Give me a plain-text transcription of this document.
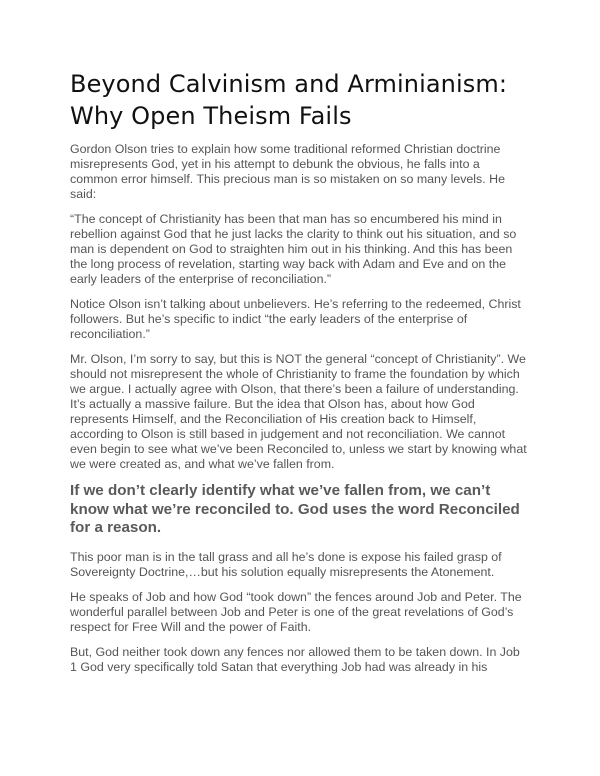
Beyond Calvinism and Arminianism: Why Open Theism Fails

Gordon Olson tries to explain how some traditional reformed Christian doctrine misrepresents God, yet in his attempt to debunk the obvious, he falls into a common error himself. This precious man is so mistaken on so many levels. He said:

“The concept of Christianity has been that man has so encumbered his mind in rebellion against God that he just lacks the clarity to think out his situation, and so man is dependent on God to straighten him out in his thinking. And this has been the long process of revelation, starting way back with Adam and Eve and on the early leaders of the enterprise of reconciliation.”

Notice Olson isn’t talking about unbelievers. He’s referring to the redeemed, Christ followers. But he’s specific to indict “the early leaders of the enterprise of reconciliation.”

Mr. Olson, I’m sorry to say, but this is NOT the general “concept of Christianity”. We should not misrepresent the whole of Christianity to frame the foundation by which we argue. I actually agree with Olson, that there’s been a failure of understanding. It’s actually a massive failure. But the idea that Olson has, about how God represents Himself, and the Reconciliation of His creation back to Himself, according to Olson is still based in judgement and not reconciliation. We cannot even begin to see what we’ve been Reconciled to, unless we start by knowing what we were created as, and what we’ve fallen from.

If we don’t clearly identify what we’ve fallen from, we can’t know what we’re reconciled to. God uses the word Reconciled for a reason.

This poor man is in the tall grass and all he’s done is expose his failed grasp of Sovereignty Doctrine,…but his solution equally misrepresents the Atonement.

He speaks of Job and how God “took down” the fences around Job and Peter. The wonderful parallel between Job and Peter is one of the great revelations of God’s respect for Free Will and the power of Faith.

But, God neither took down any fences nor allowed them to be taken down. In Job 1 God very specifically told Satan that everything Job had was already in his
